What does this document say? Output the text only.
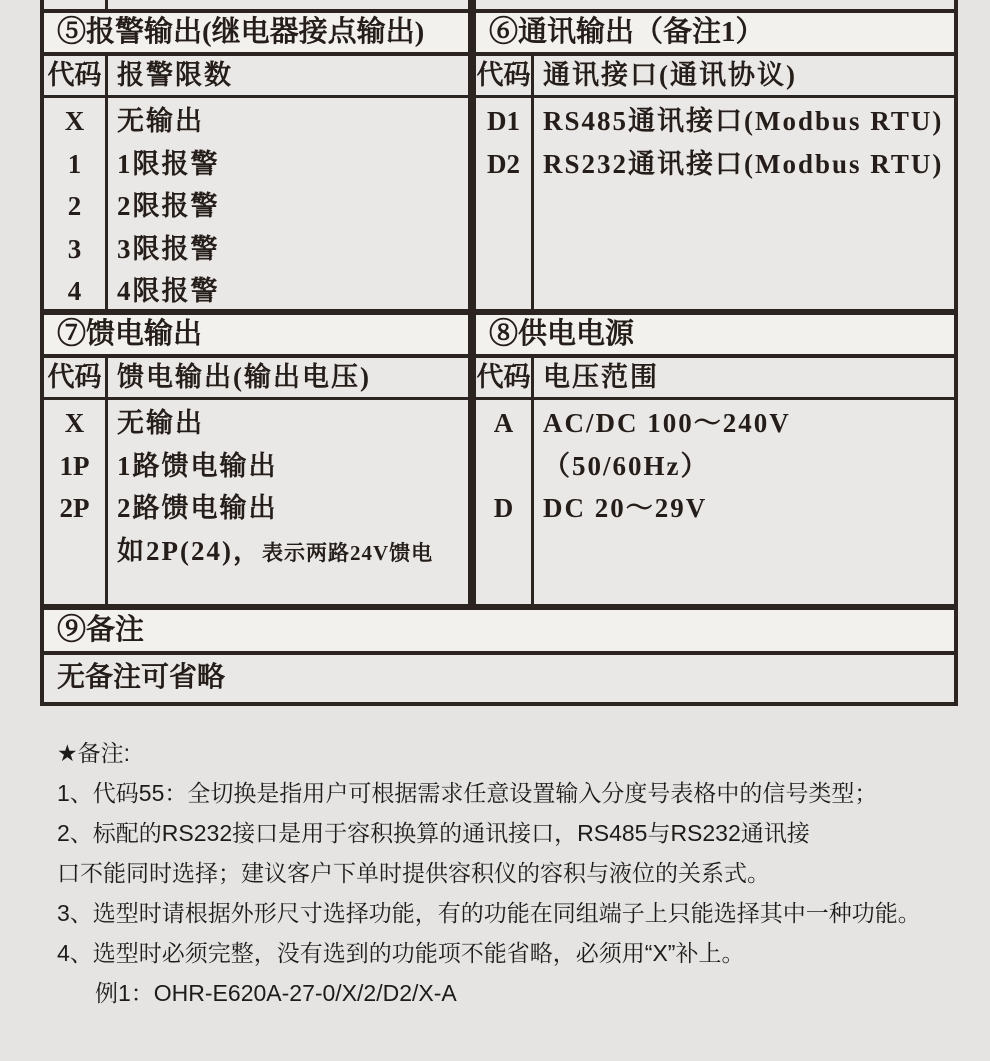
⑤报警输出(继电器接点输出)
代码 报警限数
X
1
2
3
4
无输出
1限报警
2限报警
3限报警
4限报警
⑥通讯输出（备注1）
代码 通讯接口(通讯协议)
D1
D2
RS485通讯接口(Modbus RTU)
RS232通讯接口(Modbus RTU)
⑦馈电输出
代码 馈电输出(输出电压)
X
1P
2P
无输出
1路馈电输出
2路馈电输出
如2P(24)，表示两路24V馈电
⑧供电电源
代码 电压范围
A
D
AC/DC 100～240V
（50/60Hz）
DC 20～29V
⑨备注
无备注可省略
★备注:
1、代码55：全切换是指用户可根据需求任意设置输入分度号表格中的信号类型；
2、标配的RS232接口是用于容积换算的通讯接口，RS485与RS232通讯接
口不能同时选择；建议客户下单时提供容积仪的容积与液位的关系式。
3、选型时请根据外形尺寸选择功能，有的功能在同组端子上只能选择其中一种功能。
4、选型时必须完整，没有选到的功能项不能省略，必须用“X”补上。
例1：OHR-E620A-27-0/X/2/D2/X-A
